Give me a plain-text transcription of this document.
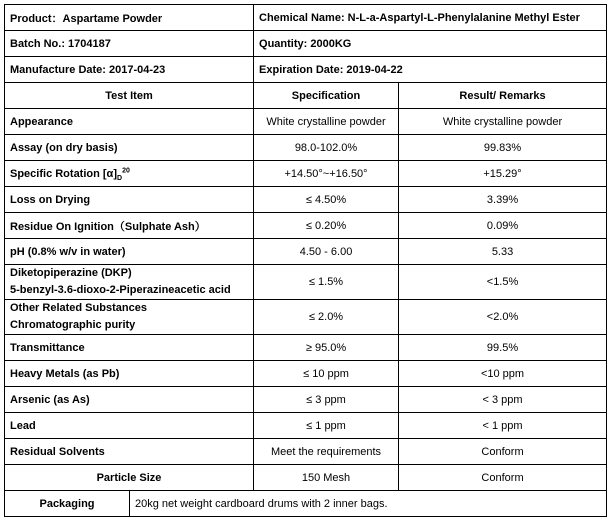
Product：Aspartame Powder		Chemical Name: N-L-a-Aspartyl-L-Phenylalanine Methyl Ester	
Batch No.: 1704187		Quantity: 2000KG	
Manufacture Date: 2017-04-23		Expiration Date: 2019-04-22	
Test Item		Specification	Result/ Remarks
Appearance		White crystalline powder	White crystalline powder
Assay (on dry basis)		98.0-102.0%	99.83%
Specific Rotation $[\alpha]_D^{20}$		+14.50°~+16.50°	+15.29°
Loss on Drying		≤ 4.50%	3.39%
Residue On Ignition（Sulphate Ash）		≤ 0.20%	0.09%
pH (0.8% w/v in water)		4.50 - 6.00	5.33

Diketopiperazine (DKP)
5-benzyl-3.6-dioxo-2-Piperazineacetic acid		≤ 1.5%	<1.5%

Other Related Substances
Chromatographic purity		≤ 2.0%	<2.0%
Transmittance		≥ 95.0%	99.5%
Heavy Metals (as Pb)		≤ 10 ppm	<10 ppm
Arsenic (as As)		≤ 3 ppm	< 3 ppm
Lead		≤ 1 ppm	< 1 ppm
Residual Solvents		Meet the requirements	Conform
Particle Size		150 Mesh	Conform
Packaging	20kg net weight cardboard drums with 2 inner bags.		
